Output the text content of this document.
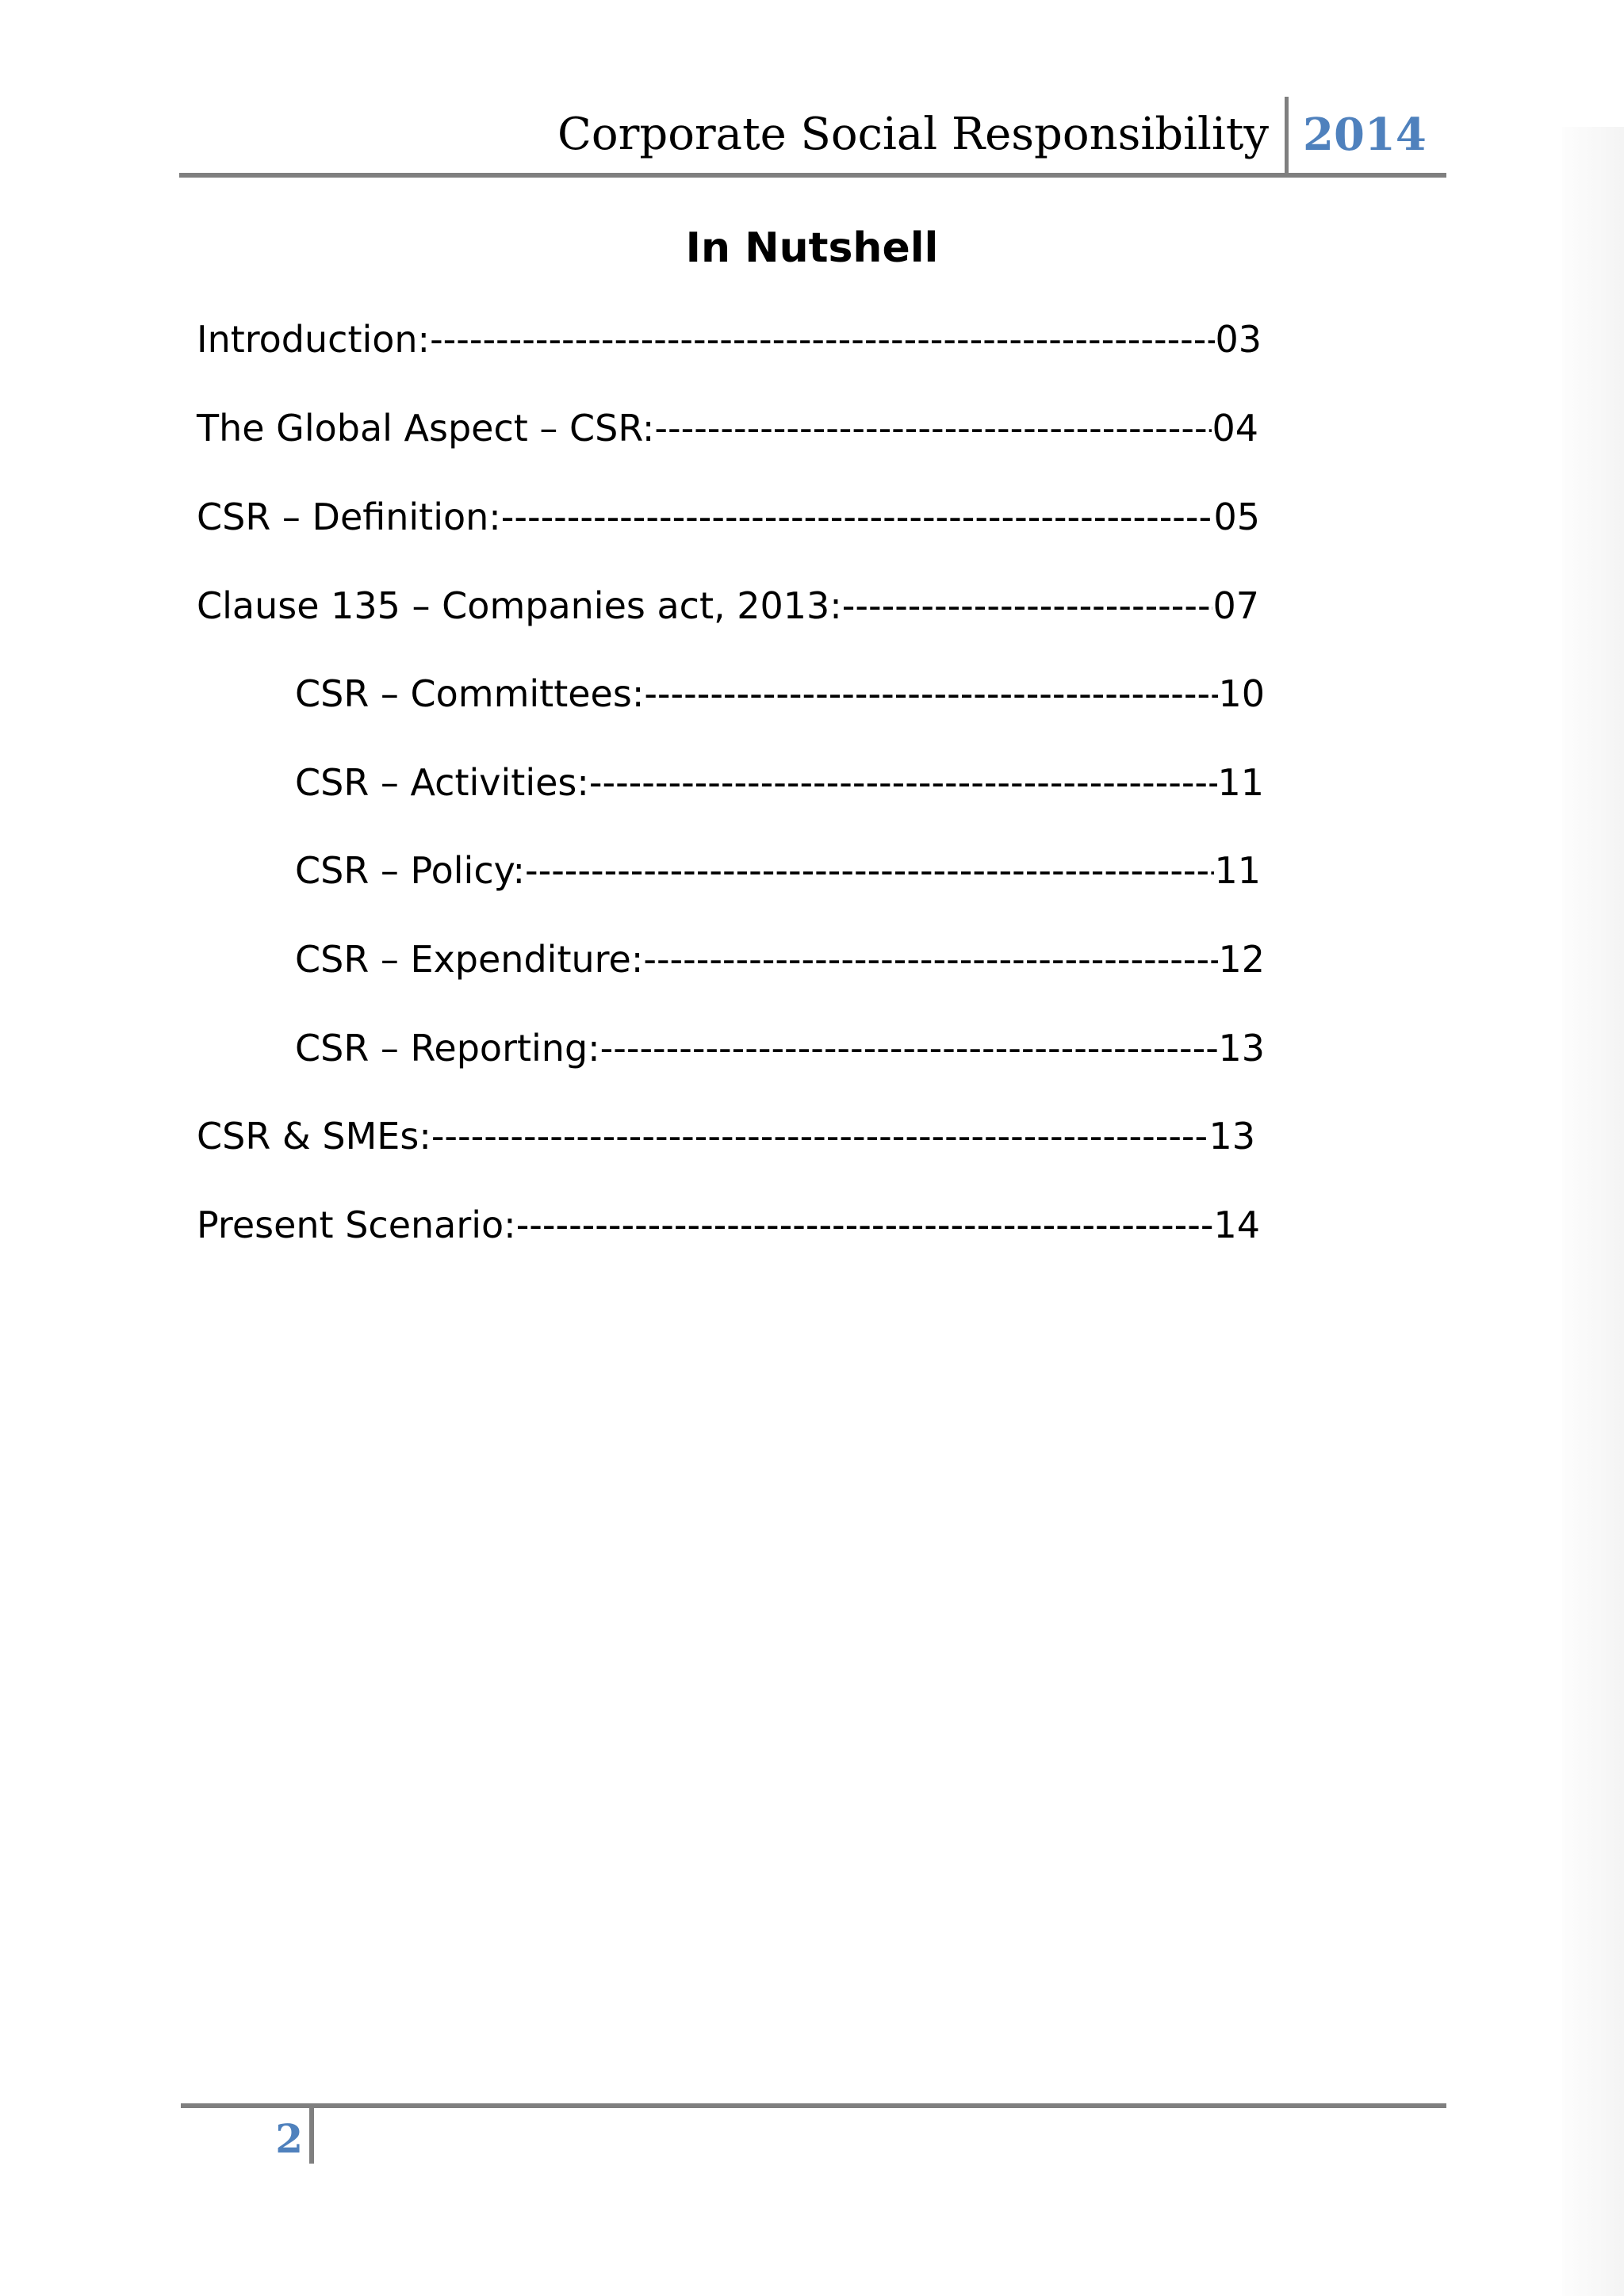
Corporate Social Responsibility 2014
In Nutshell
Introduction: -----	03
The Global Aspect – CSR: -----	04
CSR – Definition: -----	05
Clause 135 – Companies act, 2013: -----	07
CSR – Committees: -----	10
CSR – Activities: -----	11
CSR – Policy: -----	11
CSR – Expenditure: -----	12
CSR – Reporting: -----	13
CSR & SMEs: -----	13
Present Scenario: -----	14
2
